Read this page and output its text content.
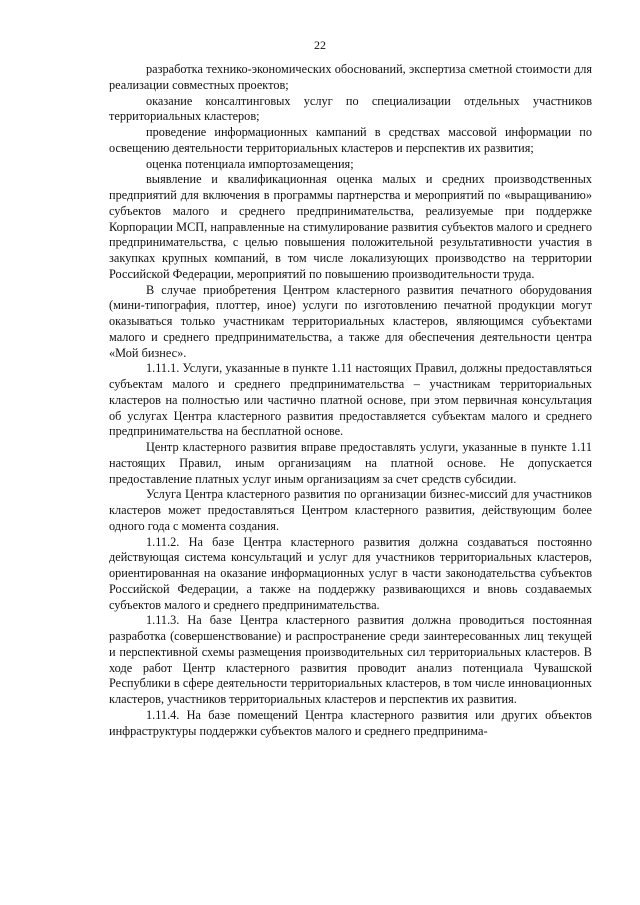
22

разработка технико-экономических обоснований, экспертиза сметной стоимости для реализации совместных проектов;

оказание консалтинговых услуг по специализации отдельных участников территориальных кластеров;

проведение информационных кампаний в средствах массовой информации по освещению деятельности территориальных кластеров и перспектив их развития;

оценка потенциала импортозамещения;

выявление и квалификационная оценка малых и средних производственных предприятий для включения в программы партнерства и мероприятий по «выращиванию» субъектов малого и среднего предпринимательства, реализуемые при поддержке Корпорации МСП, направленные на стимулирование развития субъектов малого и среднего предпринимательства, с целью повышения положительной результативности участия в закупках крупных компаний, в том числе локализующих производство на территории Российской Федерации, мероприятий по повышению производительности труда.

В случае приобретения Центром кластерного развития печатного оборудования (мини-типография, плоттер, иное) услуги по изготовлению печатной продукции могут оказываться только участникам территориальных кластеров, являющимся субъектами малого и среднего предпринимательства, а также для обеспечения деятельности центра «Мой бизнес».

1.11.1. Услуги, указанные в пункте 1.11 настоящих Правил, должны предоставляться субъектам малого и среднего предпринимательства – участникам территориальных кластеров на полностью или частично платной основе, при этом первичная консультация об услугах Центра кластерного развития предоставляется субъектам малого и среднего предпринимательства на бесплатной основе.

Центр кластерного развития вправе предоставлять услуги, указанные в пункте 1.11 настоящих Правил, иным организациям на платной основе. Не допускается предоставление платных услуг иным организациям за счет средств субсидии.

Услуга Центра кластерного развития по организации бизнес-миссий для участников кластеров может предоставляться Центром кластерного развития, действующим более одного года с момента создания.

1.11.2. На базе Центра кластерного развития должна создаваться постоянно действующая система консультаций и услуг для участников территориальных кластеров, ориентированная на оказание информационных услуг в части законодательства субъектов Российской Федерации, а также на поддержку развивающихся и вновь создаваемых субъектов малого и среднего предпринимательства.

1.11.3. На базе Центра кластерного развития должна проводиться постоянная разработка (совершенствование) и распространение среди заинтересованных лиц текущей и перспективной схемы размещения производительных сил территориальных кластеров. В ходе работ Центр кластерного развития проводит анализ потенциала Чувашской Республики в сфере деятельности территориальных кластеров, в том числе инновационных кластеров, участников территориальных кластеров и перспектив их развития.

1.11.4. На базе помещений Центра кластерного развития или других объектов инфраструктуры поддержки субъектов малого и среднего предпринима-
